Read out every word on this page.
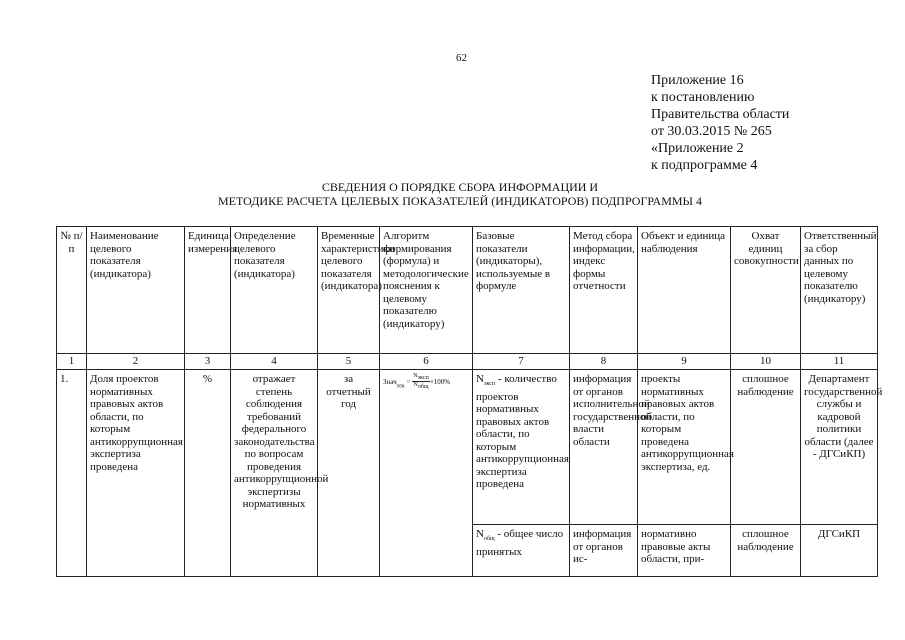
62
Приложение 16
к постановлению
Правительства области
от 30.03.2015 № 265
«Приложение 2
к подпрограмме 4
СВЕДЕНИЯ О ПОРЯДКЕ СБОРА ИНФОРМАЦИИ И
МЕТОДИКЕ РАСЧЕТА ЦЕЛЕВЫХ ПОКАЗАТЕЛЕЙ (ИНДИКАТОРОВ) ПОДПРОГРАММЫ 4
№ п/п	Наименование целевого показателя (индикатора)	Единица измерения	Определение целевого показателя (индикатора)	Временные характеристики целевого показателя (индикатора)	Алгоритм формирования (формула) и методологические пояснения к целевому показателю (индикатору)	Базовые показатели (индикаторы), используемые в формуле	Метод сбора информации, индекс формы отчетности	Объект и единица наблюдения	Охват единиц совокупности	Ответственный за сбор данных по целевому показателю (индикатору)
1	2	3	4	5	6	7	8	9	10	11
1.	Доля проектов нормативных правовых актов области, по которым антикоррупционная экспертиза проведена	%	отражает степень соблюдения требований федерального законодательства по вопросам проведения антикоррупционной экспертизы нормативных	за отчетный год	Знач$_{тек}$ = $\frac{\text{Nэксп}}{\text{Nобщ}} \times 100\%$	$N_{эксп}$ - количество проектов нормативных правовых актов области, по которым антикоррупционная экспертиза проведена	информация от органов исполнительной государственной власти области	проекты нормативных правовых актов области, по которым проведена антикоррупционная экспертиза, ед.	сплошное наблюдение	Департамент государственной службы и кадровой политики области (далее - ДГСиКП)
						$N_{общ}$ - общее число принятых	информация от органов ис-	нормативно правовые акты области, при-	сплошное наблюдение	ДГСиКП
